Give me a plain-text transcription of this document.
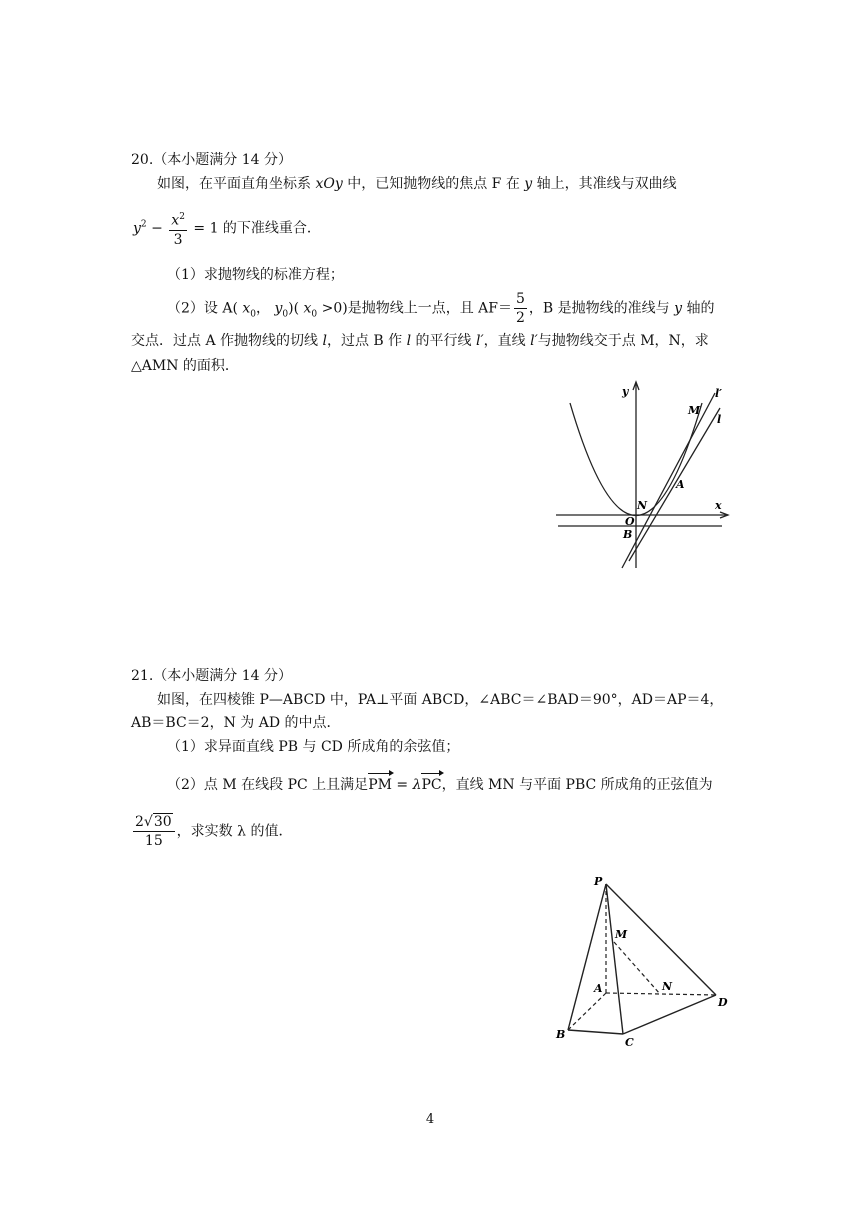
20.（本小题满分 14 分）
如图，在平面直角坐标系 xOy 中，已知抛物线的焦点 F 在 y 轴上，其准线与双曲线
$y^2 - \frac{x^2}{3} = 1$ 的下准线重合．
（1）求抛物线的标准方程；
（2）设 A( $x_0$， $y_0$)( $x_0 >0$)是抛物线上一点，且 $AF= \frac{5}{2}$ ，B 是抛物线的准线与 y 轴的
交点．过点 A 作抛物线的切线 l，过点 B 作 l 的平行线 l′，直线 l′与抛物线交于点 M，N，求
△AMN 的面积．
y
x
M
l′
l
A
N
O
B
21.（本小题满分 14 分）
如图，在四棱锥 P—ABCD 中，PA⊥平面 ABCD，∠ABC＝∠BAD＝90°，AD＝AP＝4，
AB＝BC＝2，N 为 AD 的中点．
（1）求异面直线 PB 与 CD 所成角的余弦值；
（2）点 M 在线段 PC 上且满足PM = λPC，直线 MN 与平面 PBC 所成角的正弦值为
$\frac{2√30}{15}$ ，求实数 λ 的值．
P
M
A	N
D
B
C
4
